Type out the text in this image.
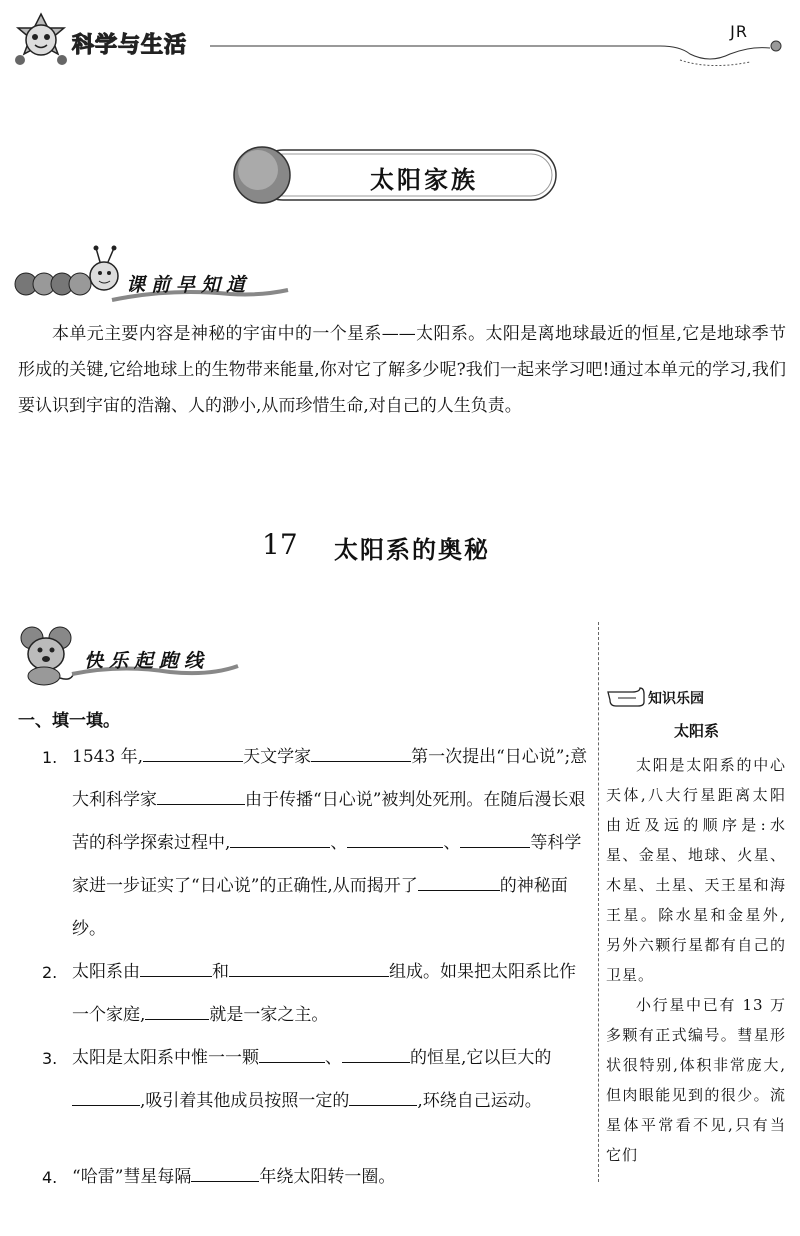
科学与生活
JR
太阳家族
课前早知道
本单元主要内容是神秘的宇宙中的一个星系——太阳系。太阳是离地球最近的恒星,它是地球季节形成的关键,它给地球上的生物带来能量,你对它了解多少呢?我们一起来学习吧!通过本单元的学习,我们要认识到宇宙的浩瀚、人的渺小,从而珍惜生命,对自己的人生负责。
17 太阳系的奥秘
快乐起跑线
一、填一填。
1. 1543 年,	天文学家	第一次提出“日心说”;意大利科学家	由于传播“日心说”被判处死刑。在随后漫长艰苦的科学探索过程中,	、	、	等科学家进一步证实了“日心说”的正确性,从而揭开了	的神秘面纱。
2. 太阳系由	和	组成。如果把太阳系比作一个家庭,	就是一家之主。
3. 太阳是太阳系中惟一一颗	、	的恒星,它以巨大的,吸引着其他成员按照一定的	,环绕自己运动。
4. “哈雷”彗星每隔	年绕太阳转一圈。
知识乐园
太阳系

太阳是太阳系的中心天体,八大行星距离太阳由近及远的顺序是:水星、金星、地球、火星、木星、土星、天王星和海王星。除水星和金星外,另外六颗行星都有自己的卫星。

小行星中已有 13 万多颗有正式编号。彗星形状很特别,体积非常庞大,但肉眼能见到的很少。流星体平常看不见,只有当它们
